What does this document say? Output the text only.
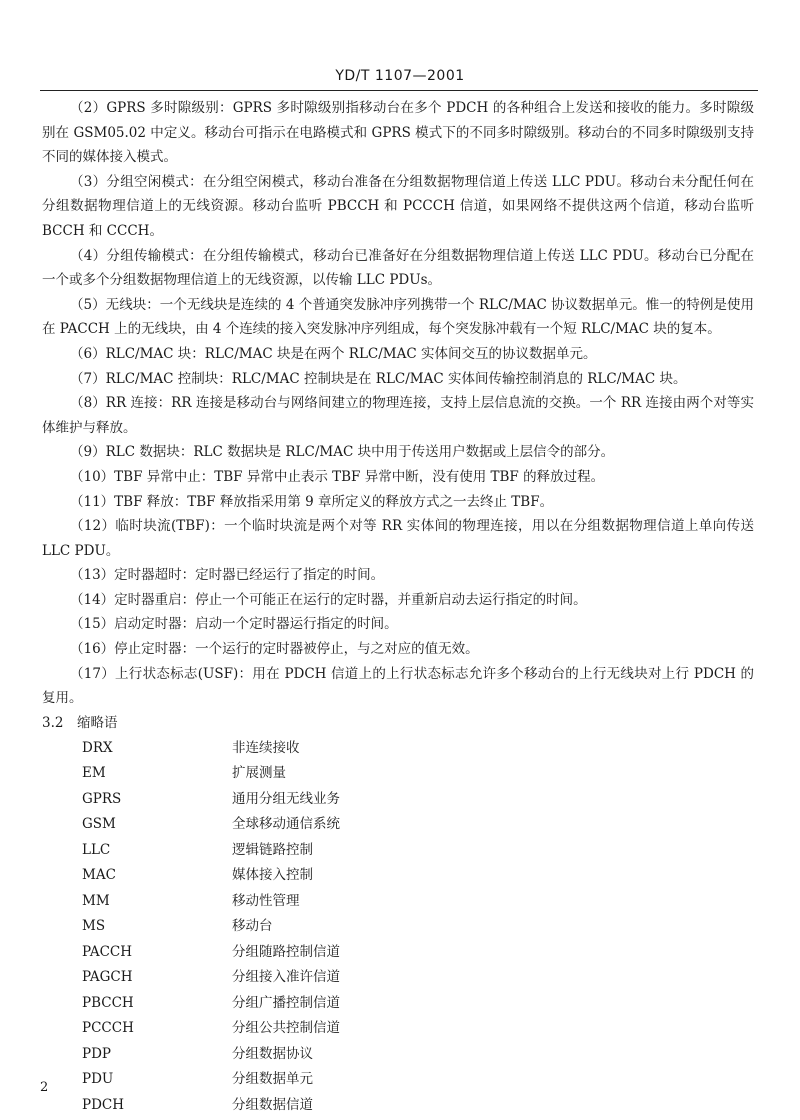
YD/T 1107—2001

（2）GPRS 多时隙级别：GPRS 多时隙级别指移动台在多个 PDCH 的各种组合上发送和接收的能力。多时隙级别在 GSM05.02 中定义。移动台可指示在电路模式和 GPRS 模式下的不同多时隙级别。移动台的不同多时隙级别支持不同的媒体接入模式。

（3）分组空闲模式：在分组空闲模式，移动台准备在分组数据物理信道上传送 LLC PDU。移动台未分配任何在分组数据物理信道上的无线资源。移动台监听 PBCCH 和 PCCCH 信道，如果网络不提供这两个信道，移动台监听 BCCH 和 CCCH。

（4）分组传输模式：在分组传输模式，移动台已准备好在分组数据物理信道上传送 LLC PDU。移动台已分配在一个或多个分组数据物理信道上的无线资源，以传输 LLC PDUs。

（5）无线块：一个无线块是连续的 4 个普通突发脉冲序列携带一个 RLC/MAC 协议数据单元。惟一的特例是使用在 PACCH 上的无线块，由 4 个连续的接入突发脉冲序列组成，每个突发脉冲载有一个短 RLC/MAC 块的复本。

（6）RLC/MAC 块：RLC/MAC 块是在两个 RLC/MAC 实体间交互的协议数据单元。

（7）RLC/MAC 控制块：RLC/MAC 控制块是在 RLC/MAC 实体间传输控制消息的 RLC/MAC 块。

（8）RR 连接：RR 连接是移动台与网络间建立的物理连接，支持上层信息流的交换。一个 RR 连接由两个对等实体维护与释放。

（9）RLC 数据块：RLC 数据块是 RLC/MAC 块中用于传送用户数据或上层信令的部分。

（10）TBF 异常中止：TBF 异常中止表示 TBF 异常中断，没有使用 TBF 的释放过程。

（11）TBF 释放：TBF 释放指采用第 9 章所定义的释放方式之一去终止 TBF。

（12）临时块流(TBF)：一个临时块流是两个对等 RR 实体间的物理连接，用以在分组数据物理信道上单向传送 LLC PDU。

（13）定时器超时：定时器已经运行了指定的时间。

（14）定时器重启：停止一个可能正在运行的定时器，并重新启动去运行指定的时间。

（15）启动定时器：启动一个定时器运行指定的时间。

（16）停止定时器：一个运行的定时器被停止，与之对应的值无效。

（17）上行状态标志(USF)：用在 PDCH 信道上的上行状态标志允许多个移动台的上行无线块对上行 PDCH 的复用。

3.2　缩略语

DRX	非连续接收
EM	扩展测量
GPRS	通用分组无线业务
GSM	全球移动通信系统
LLC	逻辑链路控制
MAC	媒体接入控制
MM	移动性管理
MS	移动台
PACCH	分组随路控制信道
PAGCH	分组接入准许信道
PBCCH	分组广播控制信道
PCCCH	分组公共控制信道
PDP	分组数据协议
PDU	分组数据单元
PDCH	分组数据信道
2
